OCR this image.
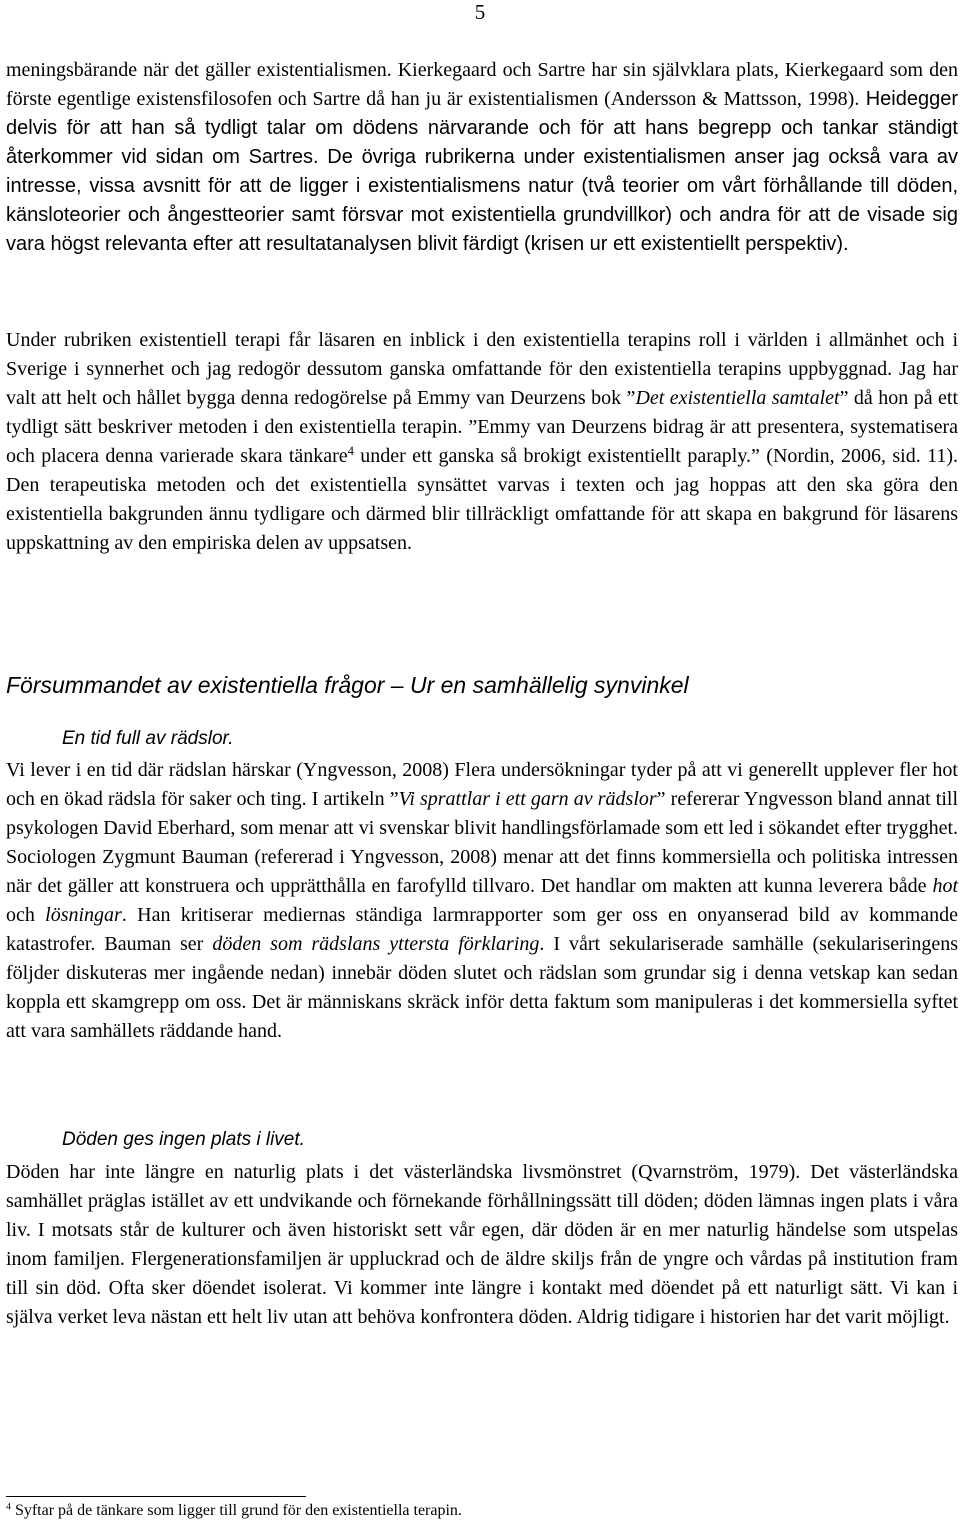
5

meningsbärande när det gäller existentialismen. Kierkegaard och Sartre har sin självklara plats, Kierkegaard som den förste egentlige existensfilosofen och Sartre då han ju är existentialismen (Andersson & Mattsson, 1998). Heidegger delvis för att han så tydligt talar om dödens närvarande och för att hans begrepp och tankar ständigt återkommer vid sidan om Sartres. De övriga rubrikerna under existentialismen anser jag också vara av intresse, vissa avsnitt för att de ligger i existentialismens natur (två teorier om vårt förhållande till döden, känsloteorier och ångestteorier samt försvar mot existentiella grundvillkor) och andra för att de visade sig vara högst relevanta efter att resultatanalysen blivit färdigt (krisen ur ett existentiellt perspektiv).

Under rubriken existentiell terapi får läsaren en inblick i den existentiella terapins roll i världen i allmänhet och i Sverige i synnerhet och jag redogör dessutom ganska omfattande för den existentiella terapins uppbyggnad. Jag har valt att helt och hållet bygga denna redogörelse på Emmy van Deurzens bok ”Det existentiella samtalet” då hon på ett tydligt sätt beskriver metoden i den existentiella terapin. ”Emmy van Deurzens bidrag är att presentera, systematisera och placera denna varierade skara tänkare$^4$ under ett ganska så brokigt existentiellt paraply.” (Nordin, 2006, sid. 11). Den terapeutiska metoden och det existentiella synsättet varvas i texten och jag hoppas att den ska göra den existentiella bakgrunden ännu tydligare och därmed blir tillräckligt omfattande för att skapa en bakgrund för läsarens uppskattning av den empiriska delen av uppsatsen.

Försummandet av existentiella frågor – Ur en samhällelig synvinkel
En tid full av rädslor.

Vi lever i en tid där rädslan härskar (Yngvesson, 2008) Flera undersökningar tyder på att vi generellt upplever fler hot och en ökad rädsla för saker och ting. I artikeln ”Vi sprattlar i ett garn av rädslor” refererar Yngvesson bland annat till psykologen David Eberhard, som menar att vi svenskar blivit handlingsförlamade som ett led i sökandet efter trygghet. Sociologen Zygmunt Bauman (refererad i Yngvesson, 2008) menar att det finns kommersiella och politiska intressen när det gäller att konstruera och upprätthålla en farofylld tillvaro. Det handlar om makten att kunna leverera både hot och lösningar. Han kritiserar mediernas ständiga larmrapporter som ger oss en onyanserad bild av kommande katastrofer. Bauman ser döden som rädslans yttersta förklaring. I vårt sekulariserade samhälle (sekulariseringens följder diskuteras mer ingående nedan) innebär döden slutet och rädslan som grundar sig i denna vetskap kan sedan koppla ett skamgrepp om oss. Det är människans skräck inför detta faktum som manipuleras i det kommersiella syftet att vara samhällets räddande hand.

Döden ges ingen plats i livet.

Döden har inte längre en naturlig plats i det västerländska livsmönstret (Qvarnström, 1979). Det västerländska samhället präglas istället av ett undvikande och förnekande förhållningssätt till döden; döden lämnas ingen plats i våra liv. I motsats står de kulturer och även historiskt sett vår egen, där döden är en mer naturlig händelse som utspelas inom familjen. Flergenerationsfamiljen är uppluckrad och de äldre skiljs från de yngre och vårdas på institution fram till sin död. Ofta sker döendet isolerat. Vi kommer inte längre i kontakt med döendet på ett naturligt sätt. Vi kan i själva verket leva nästan ett helt liv utan att behöva konfrontera döden. Aldrig tidigare i historien har det varit möjligt.

$^4$ Syftar på de tänkare som ligger till grund för den existentiella terapin.
